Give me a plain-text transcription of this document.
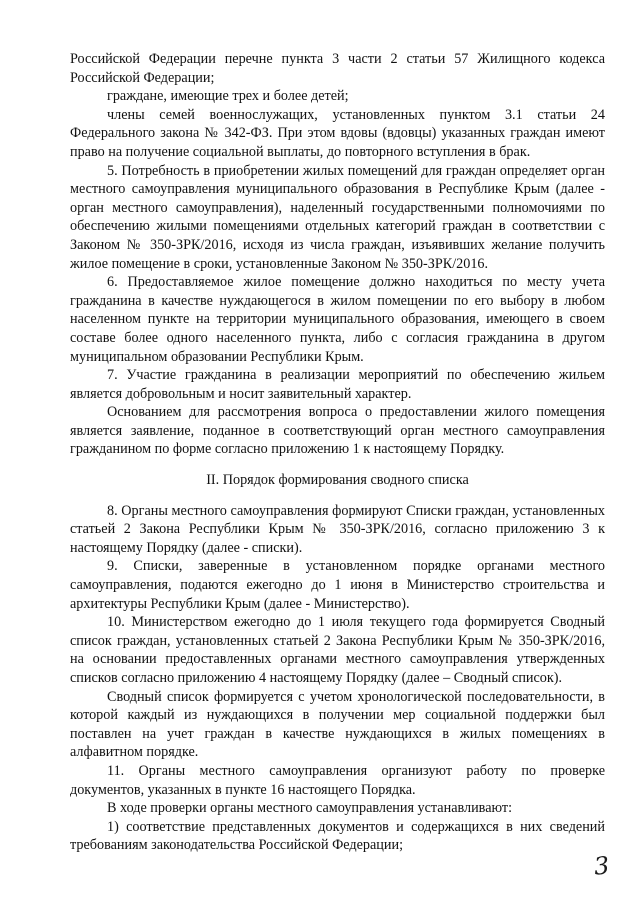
Российской Федерации перечне пункта 3 части 2 статьи 57 Жилищного кодекса Российской Федерации;

граждане, имеющие трех и более детей;

члены семей военнослужащих, установленных пунктом 3.1 статьи 24 Федерального закона № 342-ФЗ. При этом вдовы (вдовцы) указанных граждан имеют право на получение социальной выплаты, до повторного вступления в брак.

5. Потребность в приобретении жилых помещений для граждан определяет орган местного самоуправления муниципального образования в Республике Крым (далее - орган местного самоуправления), наделенный государственными полномочиями по обеспечению жилыми помещениями отдельных категорий граждан в соответствии с Законом № 350-ЗРК/2016, исходя из числа граждан, изъявивших желание получить жилое помещение в сроки, установленные Законом № 350-ЗРК/2016.

6. Предоставляемое жилое помещение должно находиться по месту учета гражданина в качестве нуждающегося в жилом помещении по его выбору в любом населенном пункте на территории муниципального образования, имеющего в своем составе более одного населенного пункта, либо с согласия гражданина в другом муниципальном образовании Республики Крым.

7. Участие гражданина в реализации мероприятий по обеспечению жильем является добровольным и носит заявительный характер.

Основанием для рассмотрения вопроса о предоставлении жилого помещения является заявление, поданное в соответствующий орган местного самоуправления гражданином по форме согласно приложению 1 к настоящему Порядку.

II. Порядок формирования сводного списка

8. Органы местного самоуправления формируют Списки граждан, установленных статьей 2 Закона Республики Крым № 350-ЗРК/2016, согласно приложению 3 к настоящему Порядку (далее - списки).

9. Списки, заверенные в установленном порядке органами местного самоуправления, подаются ежегодно до 1 июня в Министерство строительства и архитектуры Республики Крым (далее - Министерство).

10. Министерством ежегодно до 1 июля текущего года формируется Сводный список граждан, установленных статьей 2 Закона Республики Крым № 350-ЗРК/2016, на основании предоставленных органами местного самоуправления утвержденных списков согласно приложению 4 настоящему Порядку (далее – Сводный список).

Сводный список формируется с учетом хронологической последовательности, в которой каждый из нуждающихся в получении мер социальной поддержки был поставлен на учет граждан в качестве нуждающихся в жилых помещениях в алфавитном порядке.

11. Органы местного самоуправления организуют работу по проверке документов, указанных в пункте 16 настоящего Порядка.

В ходе проверки органы местного самоуправления устанавливают:

1) соответствие представленных документов и содержащихся в них сведений требованиям законодательства Российской Федерации;

3
